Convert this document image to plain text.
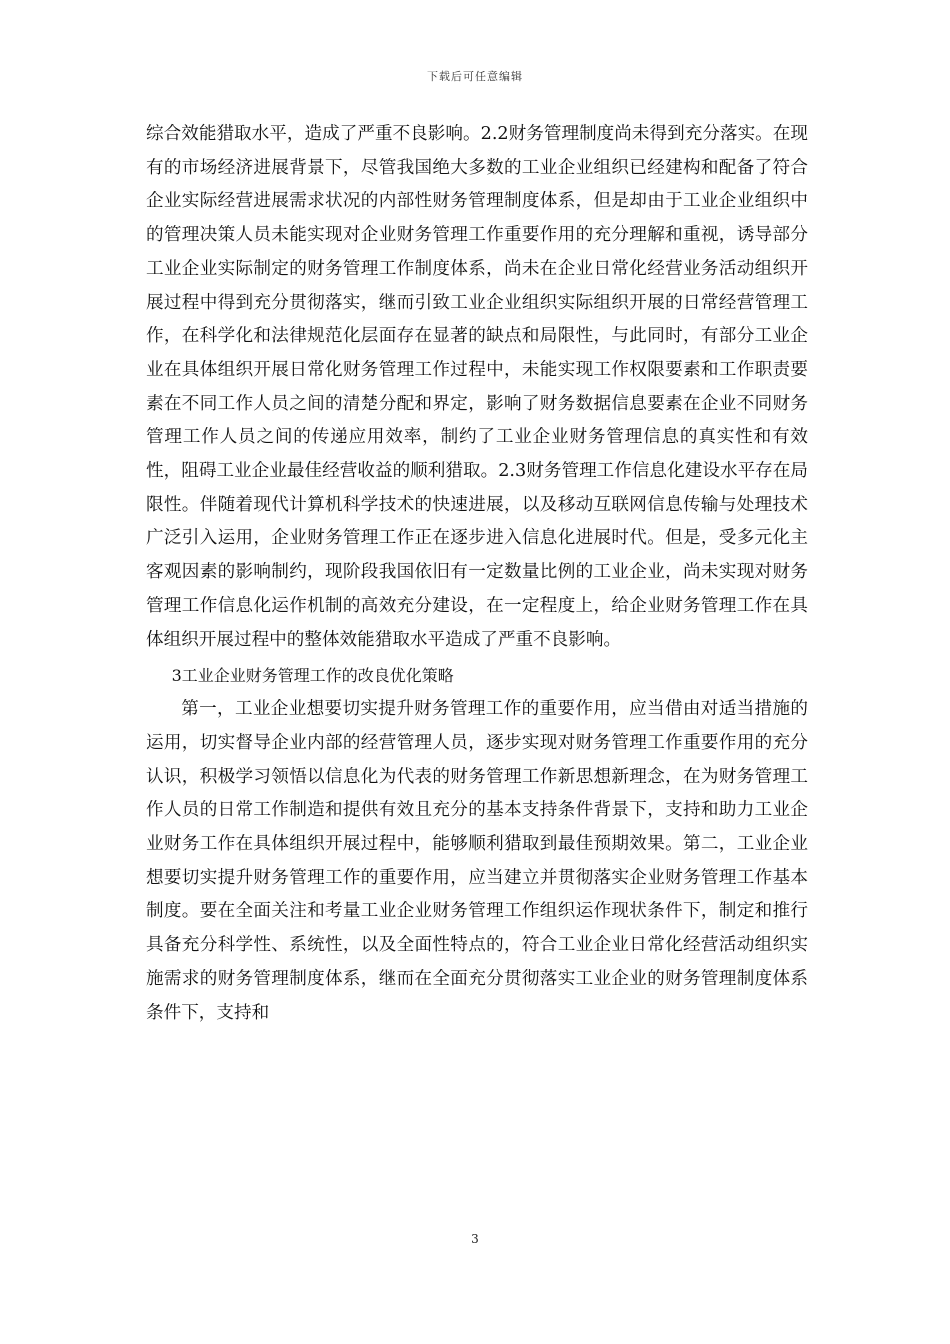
下载后可任意编辑

综合效能猎取水平，造成了严重不良影响。2.2财务管理制度尚未得到充分落实。在现有的市场经济进展背景下，尽管我国绝大多数的工业企业组织已经建构和配备了符合企业实际经营进展需求状况的内部性财务管理制度体系，但是却由于工业企业组织中的管理决策人员未能实现对企业财务管理工作重要作用的充分理解和重视，诱导部分工业企业实际制定的财务管理工作制度体系，尚未在企业日常化经营业务活动组织开展过程中得到充分贯彻落实，继而引致工业企业组织实际组织开展的日常经营管理工作，在科学化和法律规范化层面存在显著的缺点和局限性，与此同时，有部分工业企业在具体组织开展日常化财务管理工作过程中，未能实现工作权限要素和工作职责要素在不同工作人员之间的清楚分配和界定，影响了财务数据信息要素在企业不同财务管理工作人员之间的传递应用效率，制约了工业企业财务管理信息的真实性和有效性，阻碍工业企业最佳经营收益的顺利猎取。2.3财务管理工作信息化建设水平存在局限性。伴随着现代计算机科学技术的快速进展，以及移动互联网信息传输与处理技术广泛引入运用，企业财务管理工作正在逐步进入信息化进展时代。但是，受多元化主客观因素的影响制约，现阶段我国依旧有一定数量比例的工业企业，尚未实现对财务管理工作信息化运作机制的高效充分建设，在一定程度上，给企业财务管理工作在具体组织开展过程中的整体效能猎取水平造成了严重不良影响。

3工业企业财务管理工作的改良优化策略

第一，工业企业想要切实提升财务管理工作的重要作用，应当借由对适当措施的运用，切实督导企业内部的经营管理人员，逐步实现对财务管理工作重要作用的充分认识，积极学习领悟以信息化为代表的财务管理工作新思想新理念，在为财务管理工作人员的日常工作制造和提供有效且充分的基本支持条件背景下，支持和助力工业企业财务工作在具体组织开展过程中，能够顺利猎取到最佳预期效果。第二，工业企业想要切实提升财务管理工作的重要作用，应当建立并贯彻落实企业财务管理工作基本制度。要在全面关注和考量工业企业财务管理工作组织运作现状条件下，制定和推行具备充分科学性、系统性，以及全面性特点的，符合工业企业日常化经营活动组织实施需求的财务管理制度体系，继而在全面充分贯彻落实工业企业的财务管理制度体系条件下，支持和

3
